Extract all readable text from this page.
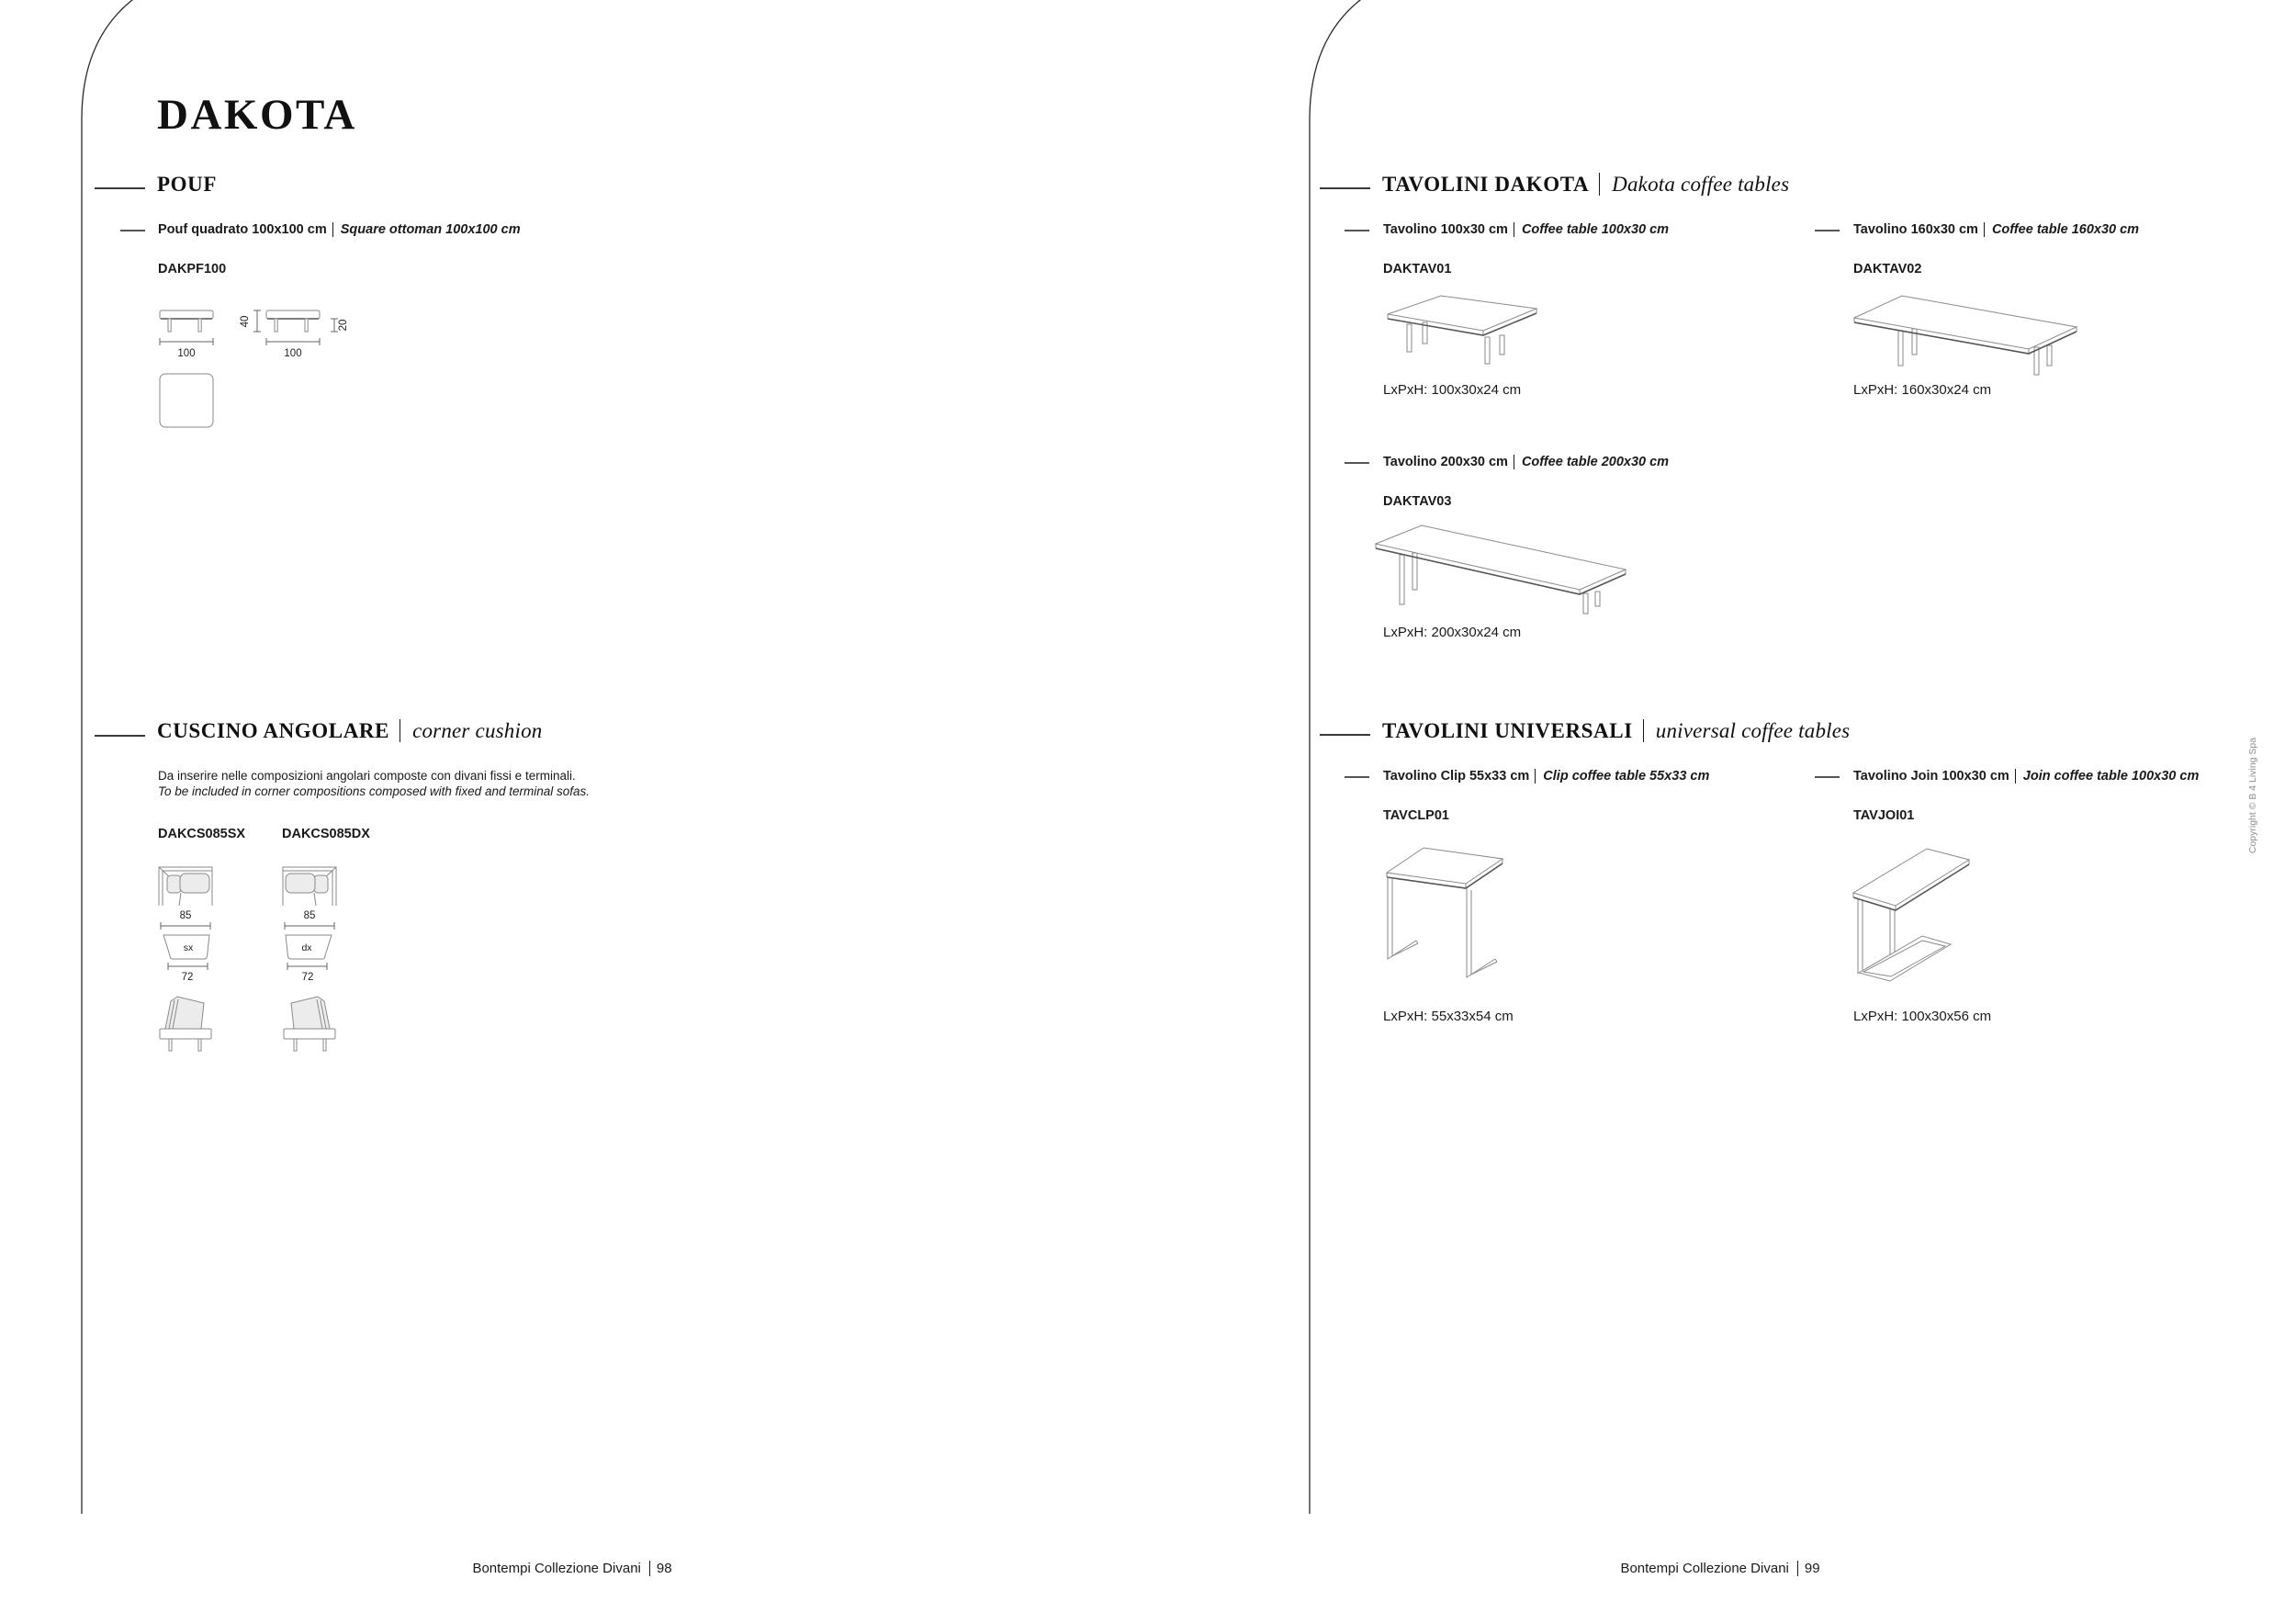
DAKOTA
POUF
Pouf quadrato 100x100 cm Square ottoman 100x100 cm
DAKPF100
100
40
100
20
CUSCINO ANGOLARE corner cushion
Da inserire nelle composizioni angolari composte con divani fissi e terminali.
To be included in corner compositions composed with fixed and terminal sofas.
DAKCS085SX	DAKCS085DX
85
sx
72
85
dx
72
Bontempi Collezione Divani 98
TAVOLINI DAKOTA Dakota coffee tables
Tavolino 100x30 cm Coffee table 100x30 cm
DAKTAV01
LxPxH: 100x30x24 cm
Tavolino 160x30 cm Coffee table 160x30 cm
DAKTAV02
LxPxH: 160x30x24 cm
Tavolino 200x30 cm Coffee table 200x30 cm
DAKTAV03
LxPxH: 200x30x24 cm
TAVOLINI UNIVERSALI universal coffee tables
Tavolino Clip 55x33 cm Clip coffee table 55x33 cm
TAVCLP01
LxPxH: 55x33x54 cm
Tavolino Join 100x30 cm Join coffee table 100x30 cm
TAVJOI01
LxPxH: 100x30x56 cm
Copyright © B 4 Living Spa
Bontempi Collezione Divani 99
